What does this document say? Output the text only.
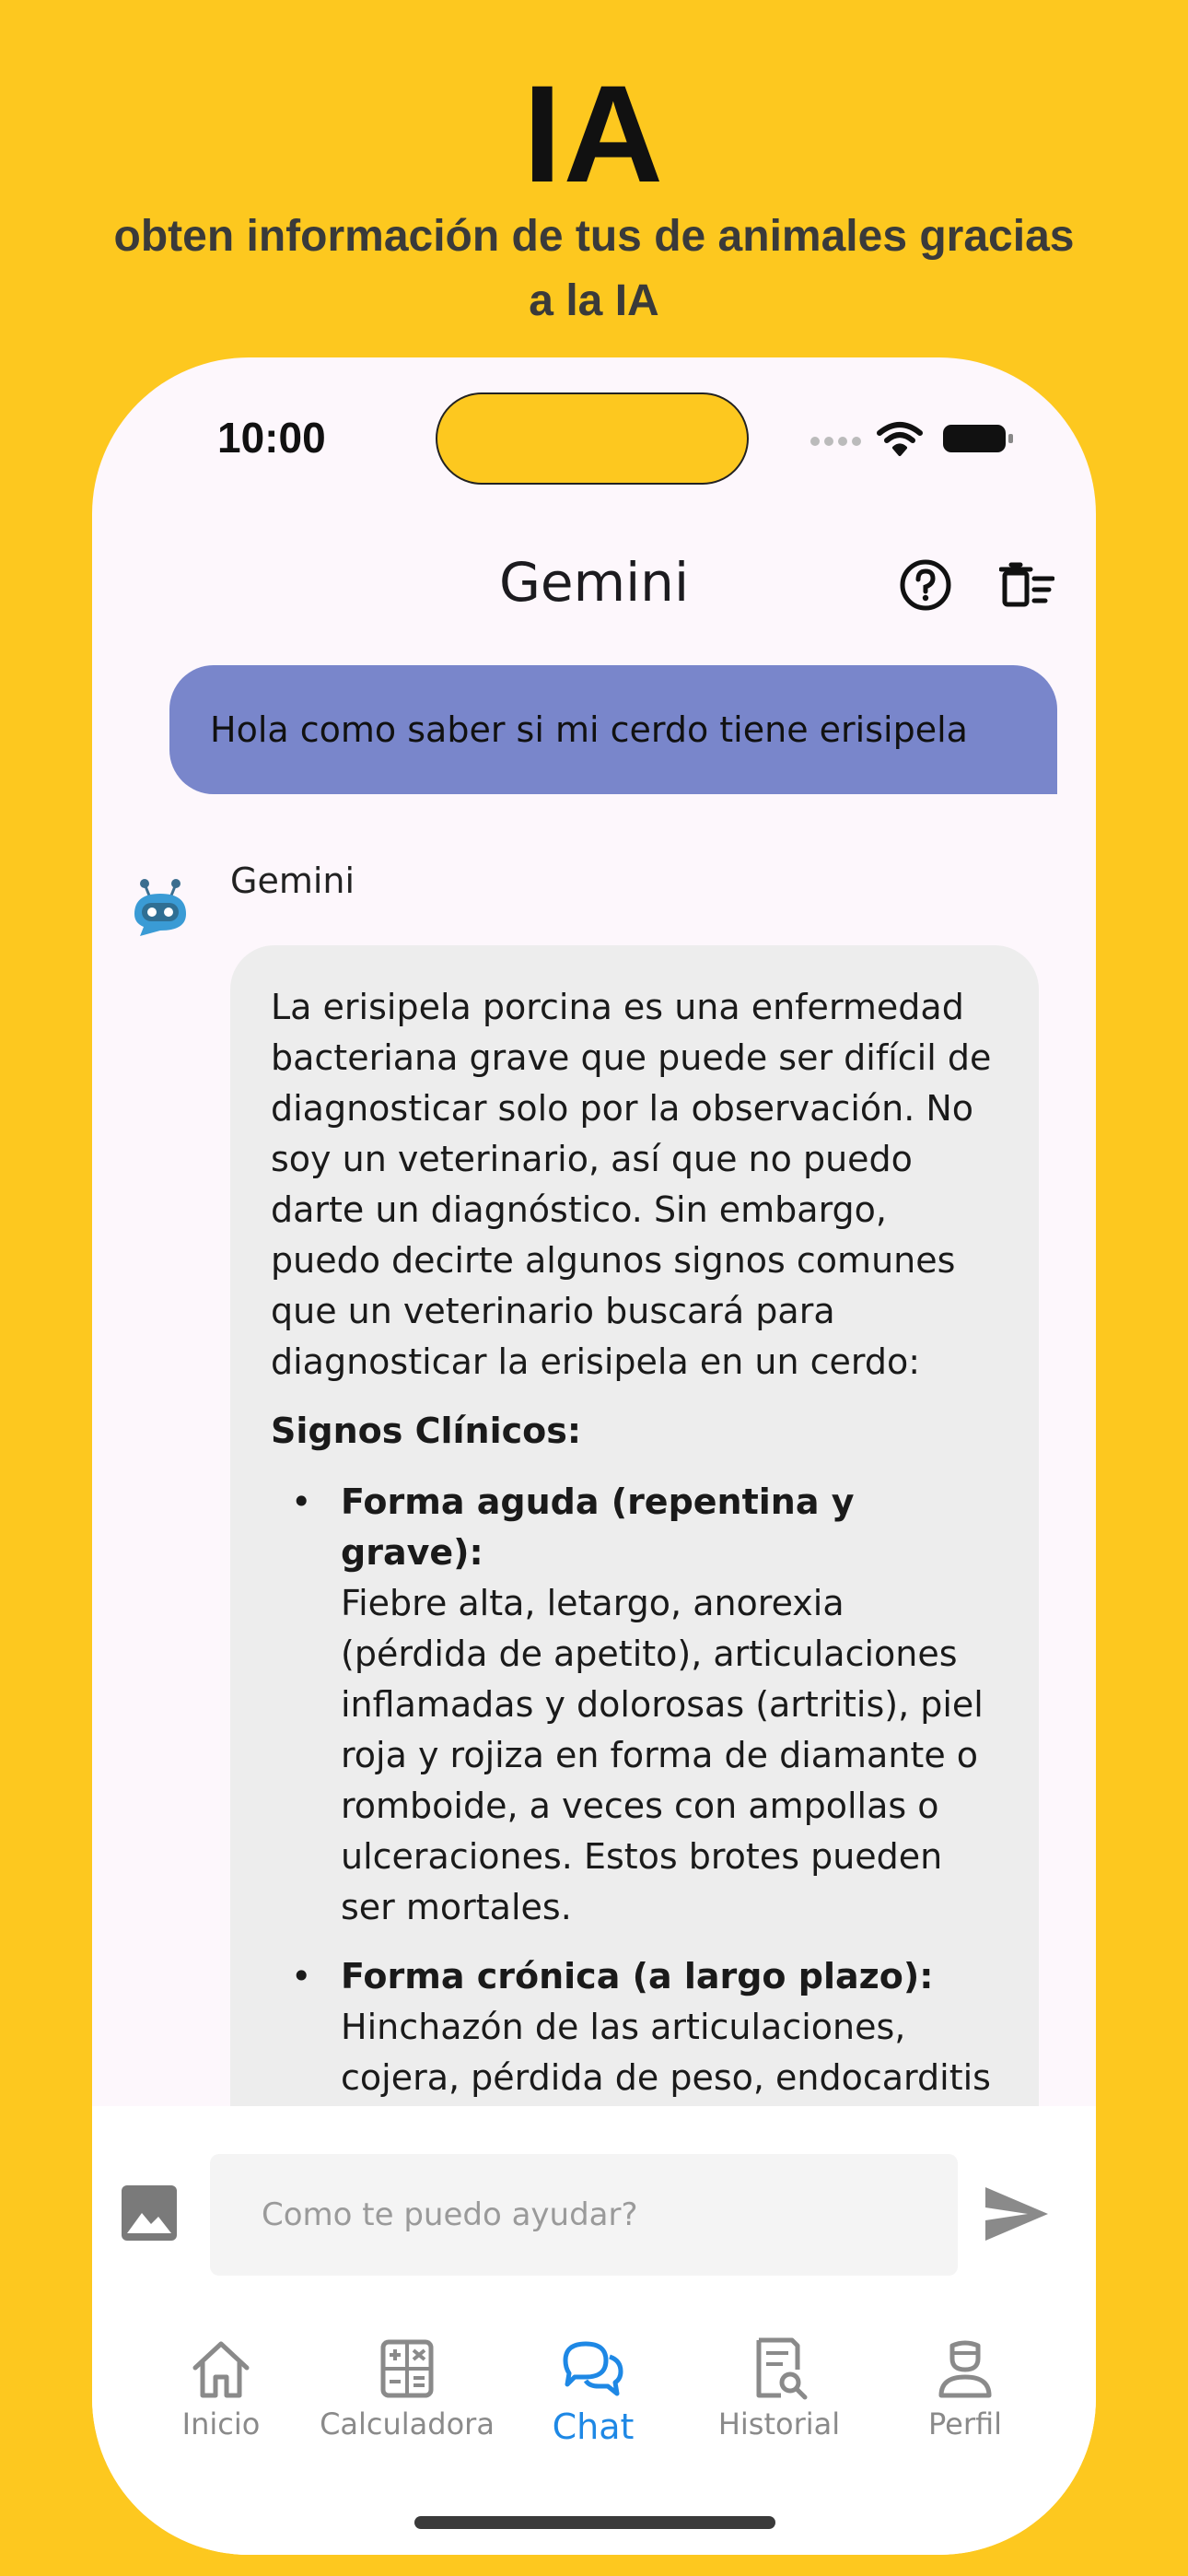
IA
obten información de tus de animales gracias a la IA
10:00
Gemini
Hola como saber si mi cerdo tiene erisipela
Gemini

La erisipela porcina es una enfermedad bacteriana grave que puede ser difícil de diagnosticar solo por la observación. No soy un veterinario, así que no puedo darte un diagnóstico. Sin embargo, puedo decirte algunos signos comunes que un veterinario buscará para diagnosticar la erisipela en un cerdo:

Signos Clínicos:

• Forma aguda (repentina y grave):
Fiebre alta, letargo, anorexia (pérdida de apetito), articulaciones inflamadas y dolorosas (artritis), piel roja y rojiza en forma de diamante o romboide, a veces con ampollas o ulceraciones. Estos brotes pueden ser mortales.
• Forma crónica (a largo plazo):
Hinchazón de las articulaciones, cojera, pérdida de peso, endocarditis
Como te puedo ayudar?
Inicio	Calculadora	Chat	Historial	Perfil
